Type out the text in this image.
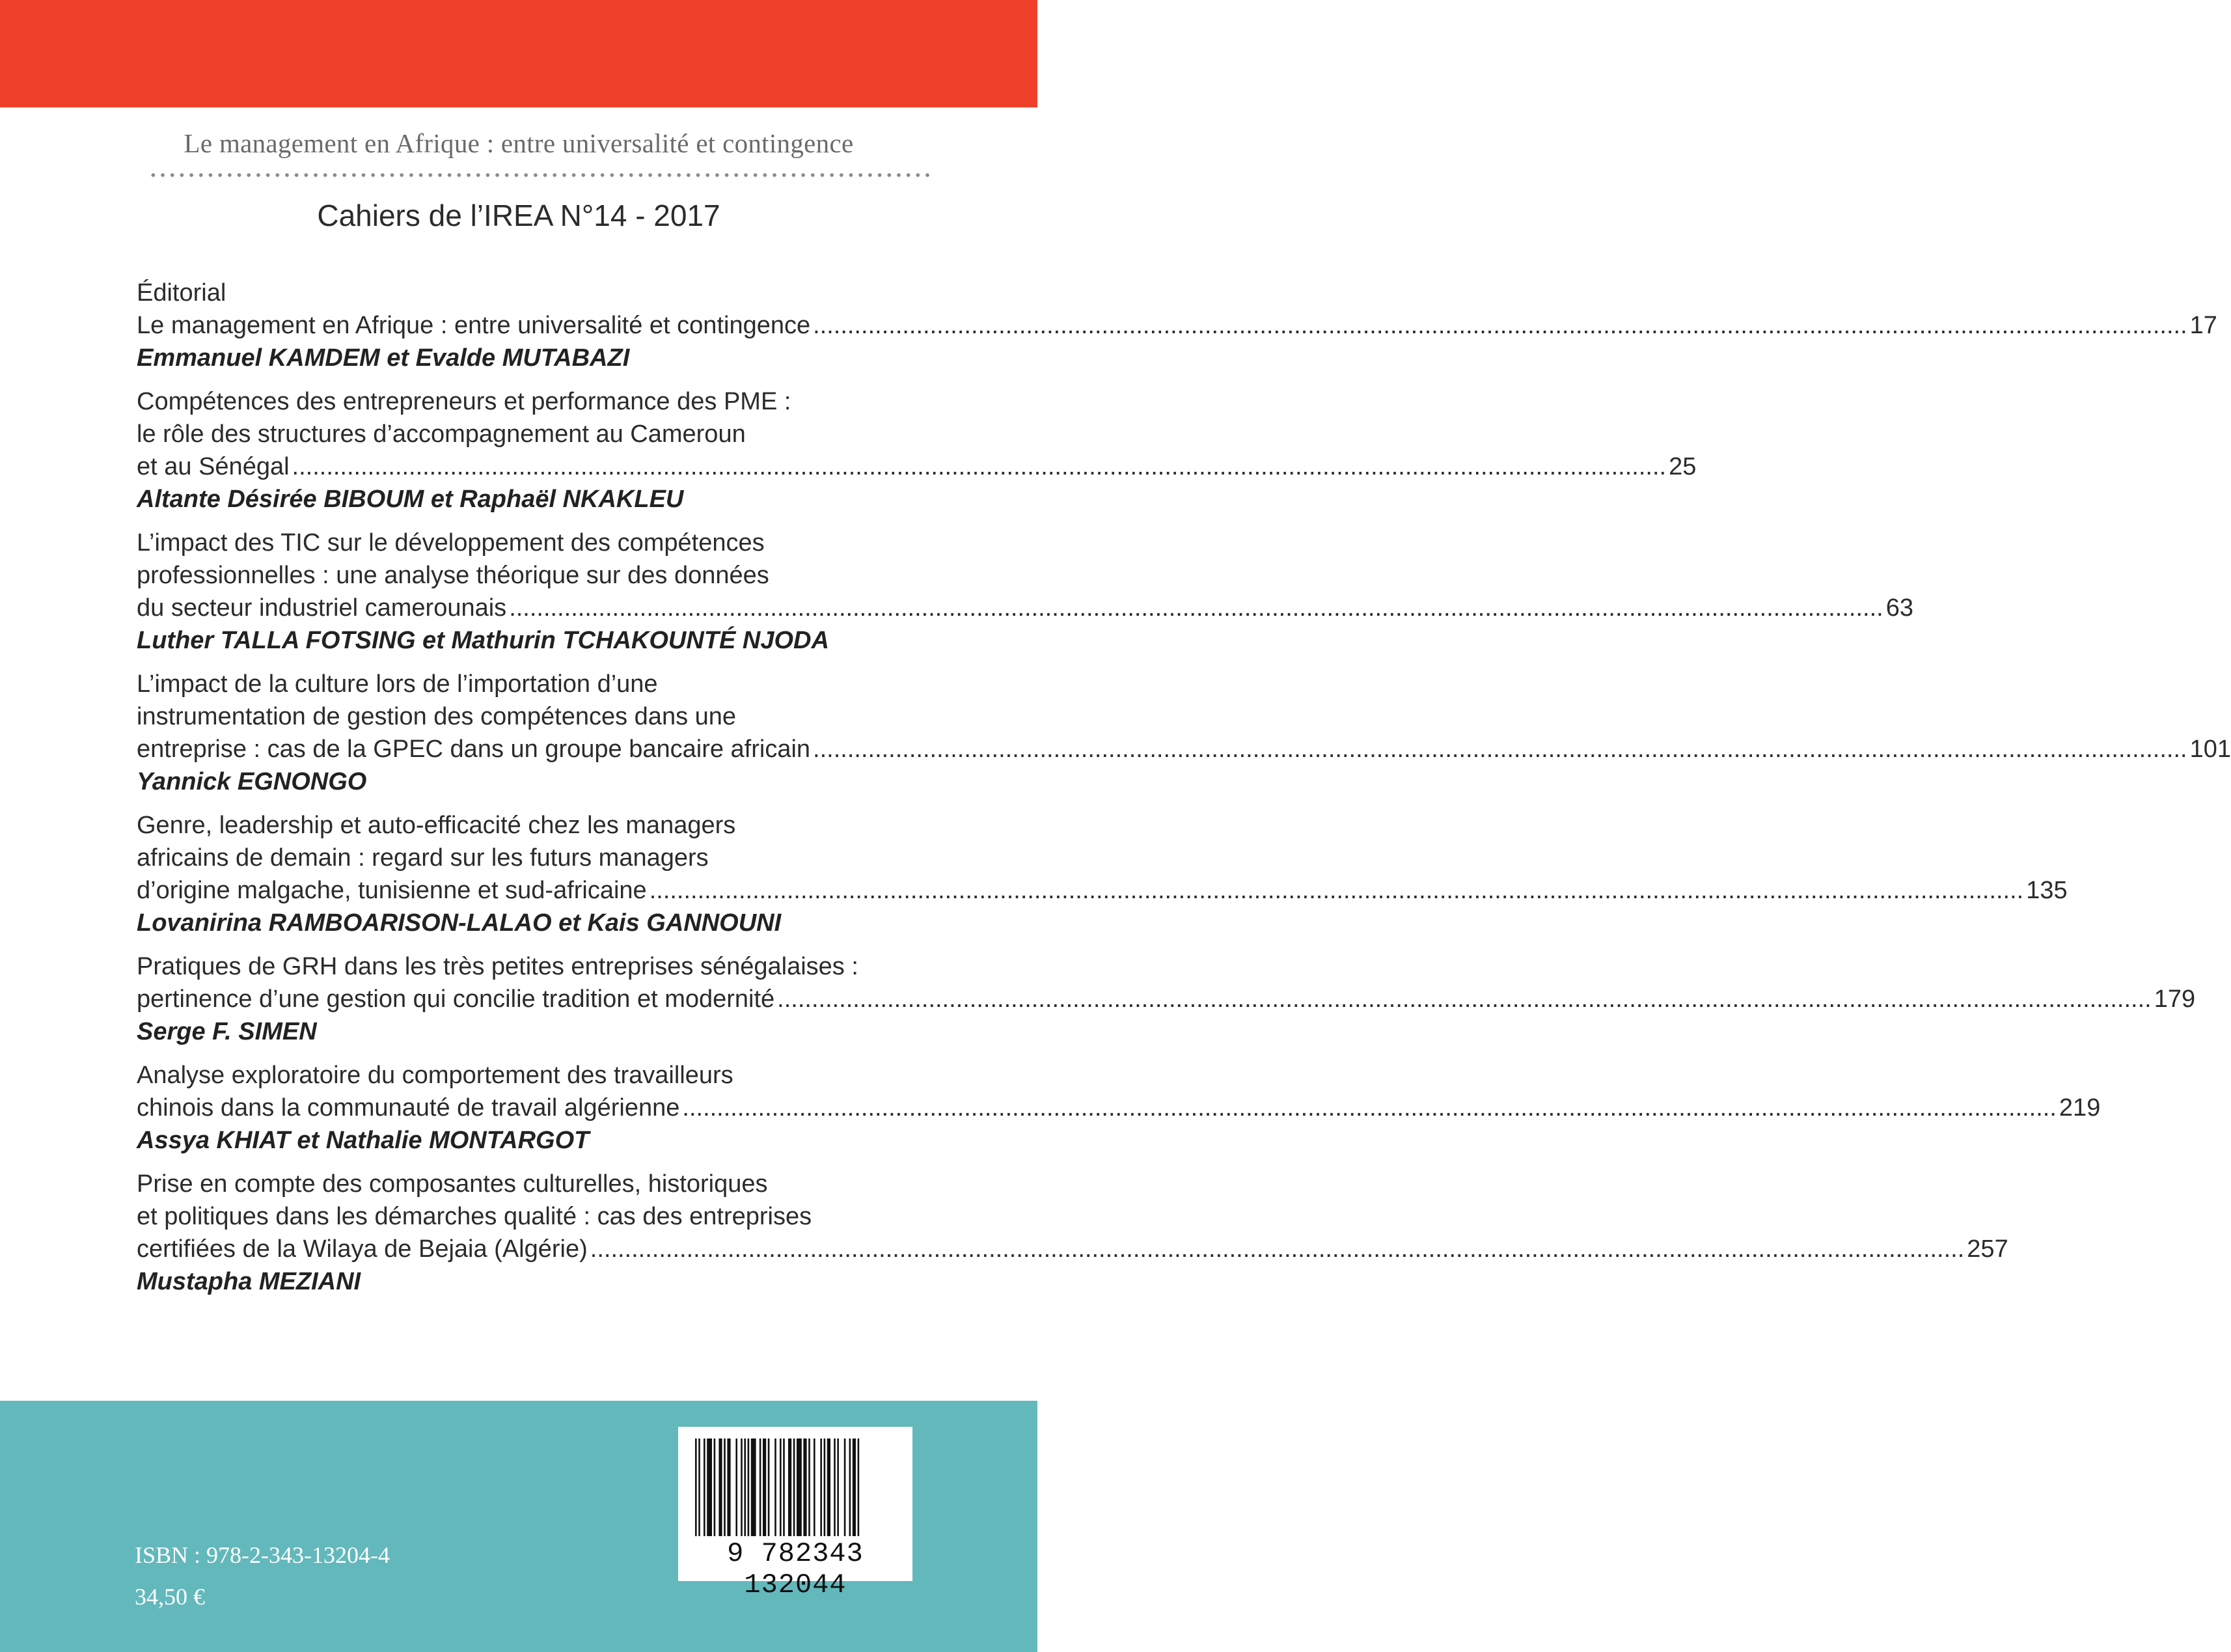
Le management en Afrique : entre universalité et contingence
Cahiers de l’IREA N°14 - 2017
Éditorial
Le management en Afrique : entre universalité et contingence ........................................................................................................................................................................................................ 17
Emmanuel KAMDEM et Evalde MUTABAZI
Compétences des entrepreneurs et performance des PME :
le rôle des structures d’accompagnement au Cameroun
et au Sénégal ........................................................................................................................................................................................................ 25
Altante Désirée BIBOUM et Raphaël NKAKLEU
L’impact des TIC sur le développement des compétences
professionnelles : une analyse théorique sur des données
du secteur industriel camerounais ........................................................................................................................................................................................................ 63
Luther TALLA FOTSING et Mathurin TCHAKOUNTÉ NJODA
L’impact de la culture lors de l’importation d’une
instrumentation de gestion des compétences dans une
entreprise : cas de la GPEC dans un groupe bancaire africain ........................................................................................................................................................................................................ 101
Yannick EGNONGO
Genre, leadership et auto-efficacité chez les managers
africains de demain : regard sur les futurs managers
d’origine malgache, tunisienne et sud-africaine ........................................................................................................................................................................................................ 135
Lovanirina RAMBOARISON-LALAO et Kais GANNOUNI
Pratiques de GRH dans les très petites entreprises sénégalaises :
pertinence d’une gestion qui concilie tradition et modernité ........................................................................................................................................................................................................ 179
Serge F. SIMEN
Analyse exploratoire du comportement des travailleurs
chinois dans la communauté de travail algérienne ........................................................................................................................................................................................................ 219
Assya KHIAT et Nathalie MONTARGOT
Prise en compte des composantes culturelles, historiques
et politiques dans les démarches qualité : cas des entreprises
certifiées de la Wilaya de Bejaia (Algérie) ........................................................................................................................................................................................................ 257
Mustapha MEZIANI
9 782343 132044
ISBN : 978-2-343-13204-4
34,50 €
